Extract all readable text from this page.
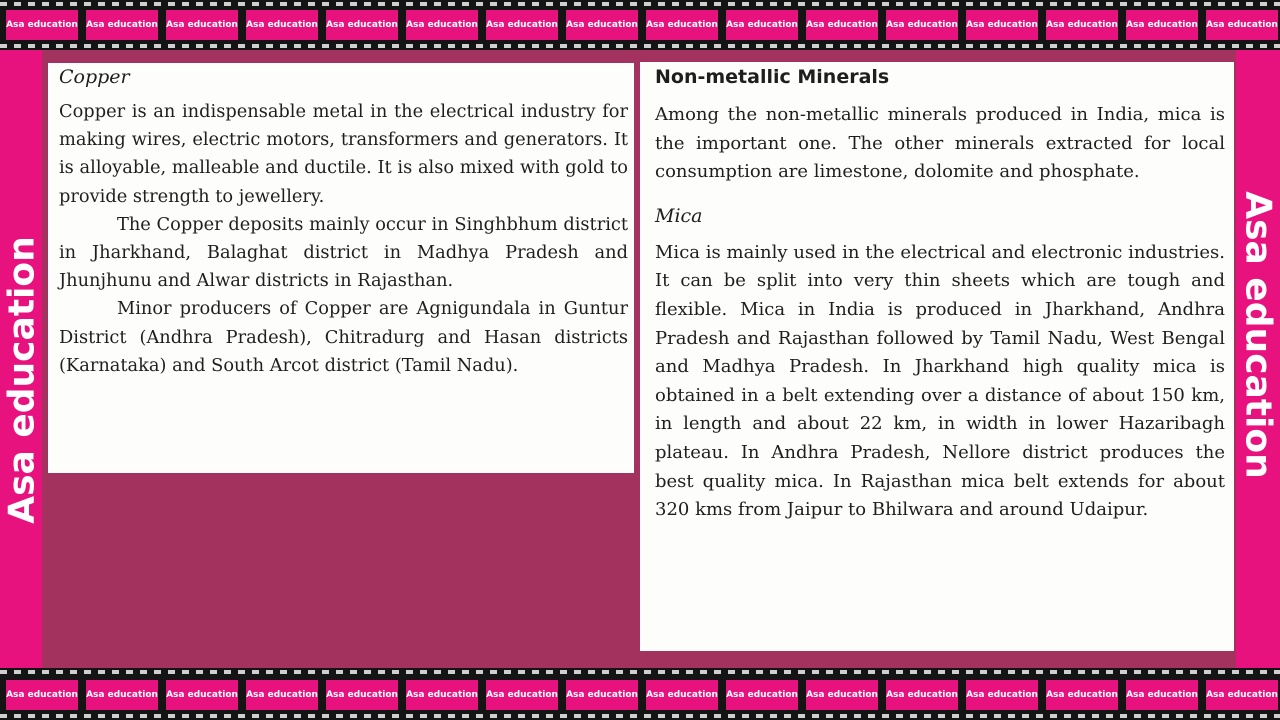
Asa education Asa education Asa education Asa education Asa education Asa education Asa education Asa education Asa education Asa education Asa education Asa education Asa education Asa education Asa education Asa education
Asa education Asa education Asa education Asa education Asa education Asa education Asa education Asa education Asa education Asa education Asa education Asa education Asa education Asa education Asa education Asa education
Asa education	Asa education
Copper

Copper is an indispensable metal in the electrical industry for making wires, electric motors, transformers and generators. It is alloyable, malleable and ductile. It is also mixed with gold to provide strength to jewellery.

The Copper deposits mainly occur in Singhbhum district in Jharkhand, Balaghat district in Madhya Pradesh and Jhunjhunu and Alwar districts in Rajasthan.

Minor producers of Copper are Agnigundala in Guntur District (Andhra Pradesh), Chitradurg and Hasan districts (Karnataka) and South Arcot district (Tamil Nadu).

Non-metallic Minerals

Among the non-metallic minerals produced in India, mica is the important one. The other minerals extracted for local consumption are limestone, dolomite and phosphate.

Mica

Mica is mainly used in the electrical and electronic industries. It can be split into very thin sheets which are tough and flexible. Mica in India is produced in Jharkhand, Andhra Pradesh and Rajasthan followed by Tamil Nadu, West Bengal and Madhya Pradesh. In Jharkhand high quality mica is obtained in a belt extending over a distance of about 150 km, in length and about 22 km, in width in lower Hazaribagh plateau. In Andhra Pradesh, Nellore district produces the best quality mica. In Rajasthan mica belt extends for about 320 kms from Jaipur to Bhilwara and around Udaipur.
